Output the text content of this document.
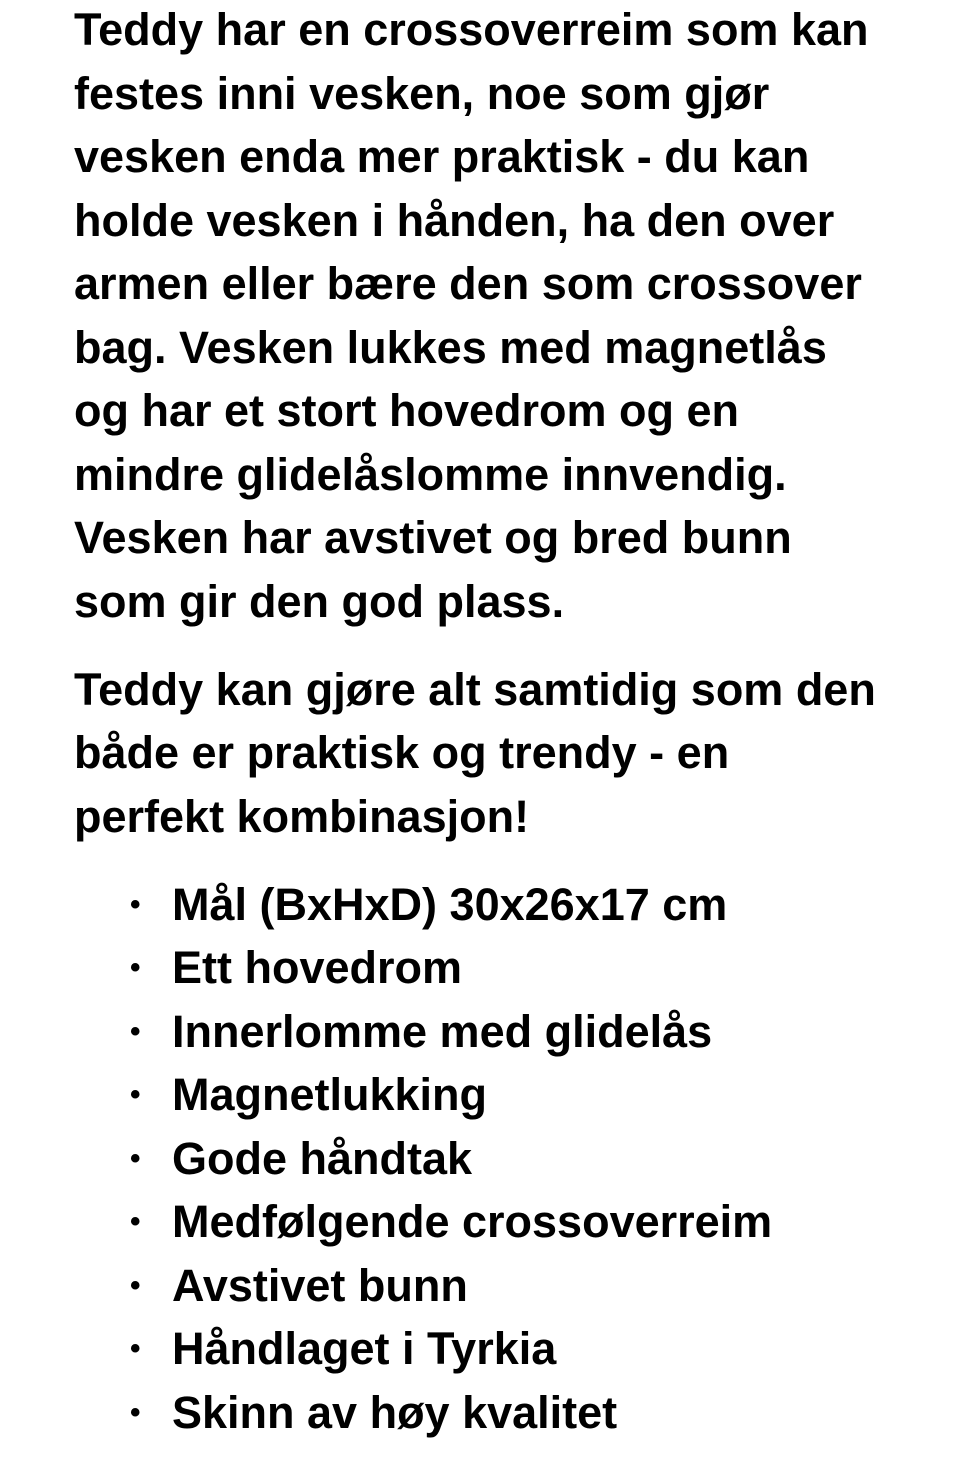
Teddy har en crossoverreim som kan
festes inni vesken, noe som gjør
vesken enda mer praktisk - du kan
holde vesken i hånden, ha den over
armen eller bære den som crossover
bag. Vesken lukkes med magnetlås
og har et stort hovedrom og en
mindre glidelåslomme innvendig.
Vesken har avstivet og bred bunn
som gir den god plass.

Teddy kan gjøre alt samtidig som den
både er praktisk og trendy - en
perfekt kombinasjon!

• Mål (BxHxD) 30x26x17 cm
• Ett hovedrom
• Innerlomme med glidelås
• Magnetlukking
• Gode håndtak
• Medfølgende crossoverreim
• Avstivet bunn
• Håndlaget i Tyrkia
• Skinn av høy kvalitet
